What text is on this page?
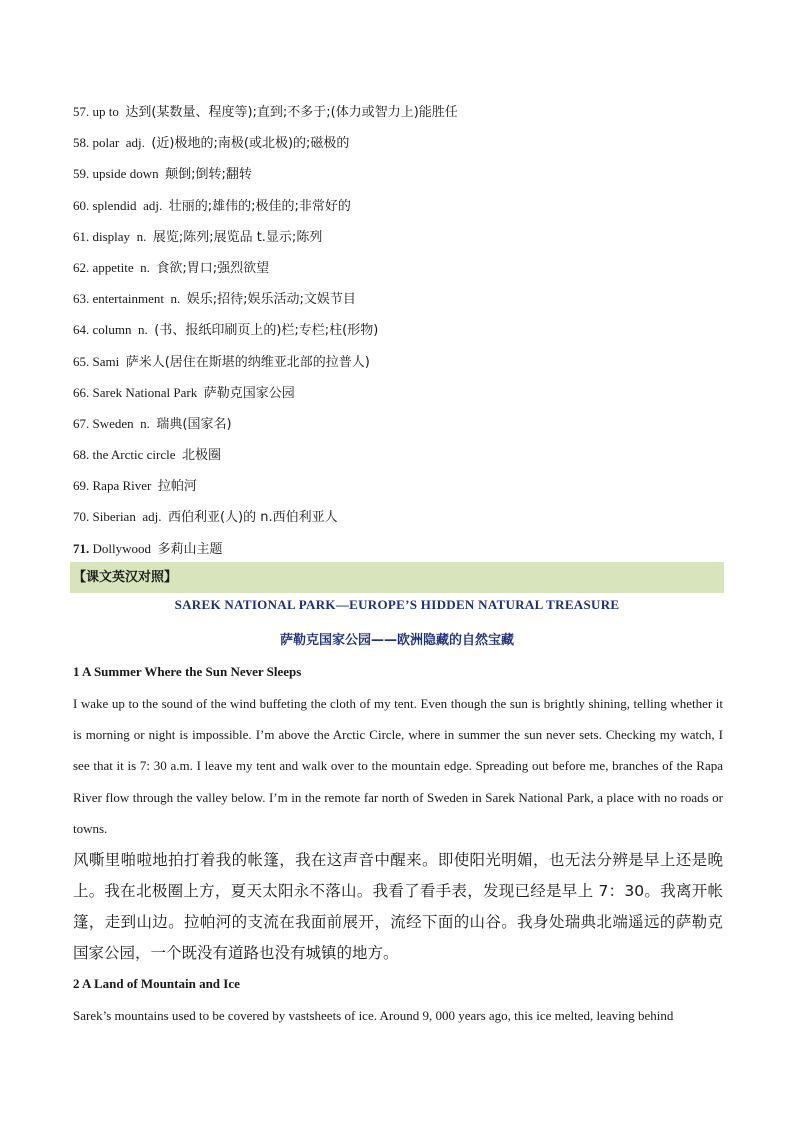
57. up to 达到(某数量、程度等);直到;不多于;(体力或智力上)能胜任
58. polar adj. (近)极地的;南极(或北极)的;磁极的
59. upside down 颠倒;倒转;翻转
60. splendid adj. 壮丽的;雄伟的;极佳的;非常好的
61. display n. 展览;陈列;展览品 t.显示;陈列
62. appetite n. 食欲;胃口;强烈欲望
63. entertainment n. 娱乐;招待;娱乐活动;文娱节目
64. column n. (书、报纸印刷页上的)栏;专栏;柱(形物)
65. Sami 萨米人(居住在斯堪的纳维亚北部的拉普人)
66. Sarek National Park 萨勒克国家公园
67. Sweden n. 瑞典(国家名)
68. the Arctic circle 北极圈
69. Rapa River 拉帕河
70. Siberian adj. 西伯利亚(人)的 n.西伯利亚人
71. Dollywood 多莉山主题
【课文英汉对照】
SAREK NATIONAL PARK—EUROPE’S HIDDEN NATURAL TREASURE
萨勒克国家公园——欧洲隐藏的自然宝藏
1 A Summer Where the Sun Never Sleeps
I wake up to the sound of the wind buffeting the cloth of my tent. Even though the sun is brightly shining, telling whether it is morning or night is impossible. I’m above the Arctic Circle, where in summer the sun never sets. Checking my watch, I see that it is 7: 30 a.m. I leave my tent and walk over to the mountain edge. Spreading out before me, branches of the Rapa River flow through the valley below. I’m in the remote far north of Sweden in Sarek National Park, a place with no roads or towns.
风嘶里啪啦地拍打着我的帐篷，我在这声音中醒来。即使阳光明媚，也无法分辨是早上还是晚上。我在北极圈上方，夏天太阳永不落山。我看了看手表，发现已经是早上 7：30。我离开帐篷，走到山边。拉帕河的支流在我面前展开，流经下面的山谷。我身处瑞典北端遥远的萨勒克国家公园，一个既没有道路也没有城镇的地方。
2 A Land of Mountain and Ice
Sarek’s mountains used to be covered by vastsheets of ice. Around 9, 000 years ago, this ice melted, leaving behind
